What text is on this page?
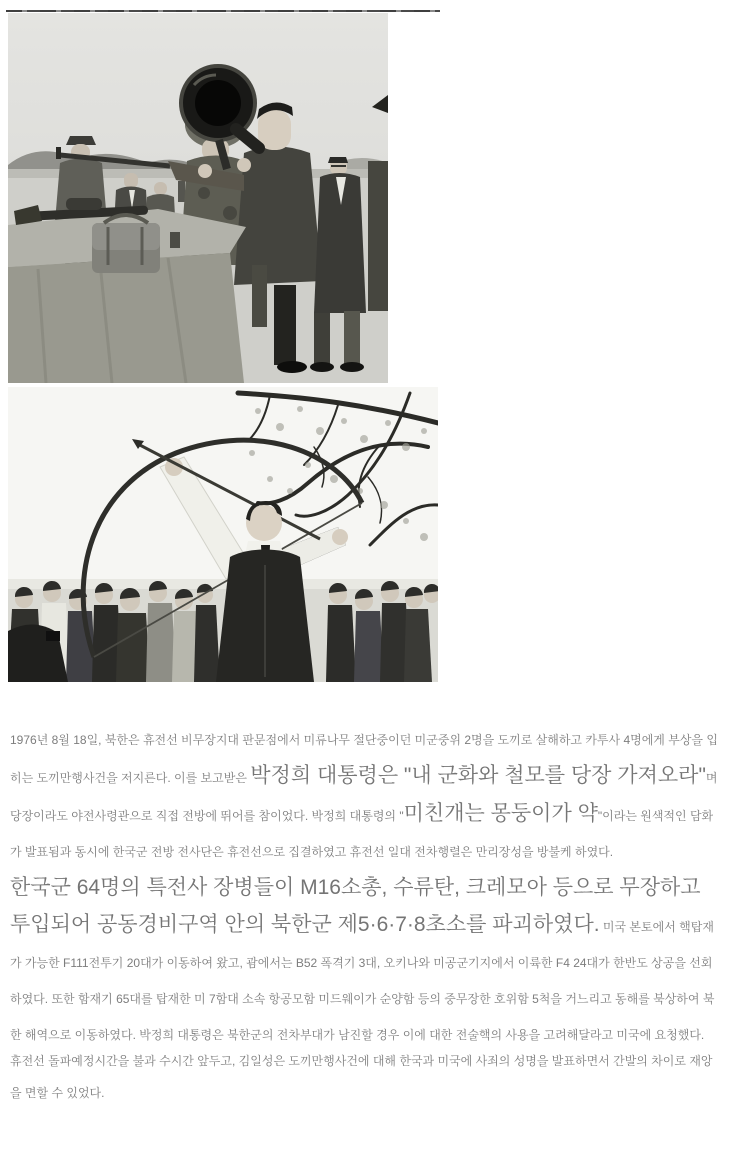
1976년 8월 18일, 북한은 휴전선 비무장지대 판문점에서 미류나무 절단중이던 미군중위 2명을 도끼로 살해하고 카투사 4명에게 부상을 입히는 도끼만행사건을 저지른다. 이를 보고받은 박정희 대통령은 "내 군화와 철모를 당장 가져오라"며 당장이라도 야전사령관으로 직접 전방에 뛰어를 참이었다. 박정희 대통령의 "미친개는 몽둥이가 약"이라는 원색적인 담화가 발표됨과 동시에 한국군 전방 전사단은 휴전선으로 집결하였고 휴전선 일대 전차행렬은 만리장성을 방불케 하였다.
한국군 64명의 특전사 장병들이 M16소총, 수류탄, 크레모아 등으로 무장하고 투입되어 공동경비구역 안의 북한군 제5·6·7·8초소를 파괴하였다. 미국 본토에서 핵탑재가 가능한 F111전투기 20대가 이동하여 왔고, 괌에서는 B52 폭격기 3대, 오키나와 미공군기지에서 이륙한 F4 24대가 한반도 상공을 선회하였다. 또한 함재기 65대를 탑재한 미 7함대 소속 항공모함 미드웨이가 순양함 등의 중무장한 호위함 5척을 거느리고 동해를 북상하여 북한 해역으로 이동하였다. 박정희 대통령은 북한군의 전차부대가 남진할 경우 이에 대한 전술핵의 사용을 고려해달라고 미국에 요청했다.

휴전선 돌파예정시간을 불과 수시간 앞두고, 김일성은 도끼만행사건에 대해 한국과 미국에 사죄의 성명을 발표하면서 간발의 차이로 재앙을 면할 수 있었다.
